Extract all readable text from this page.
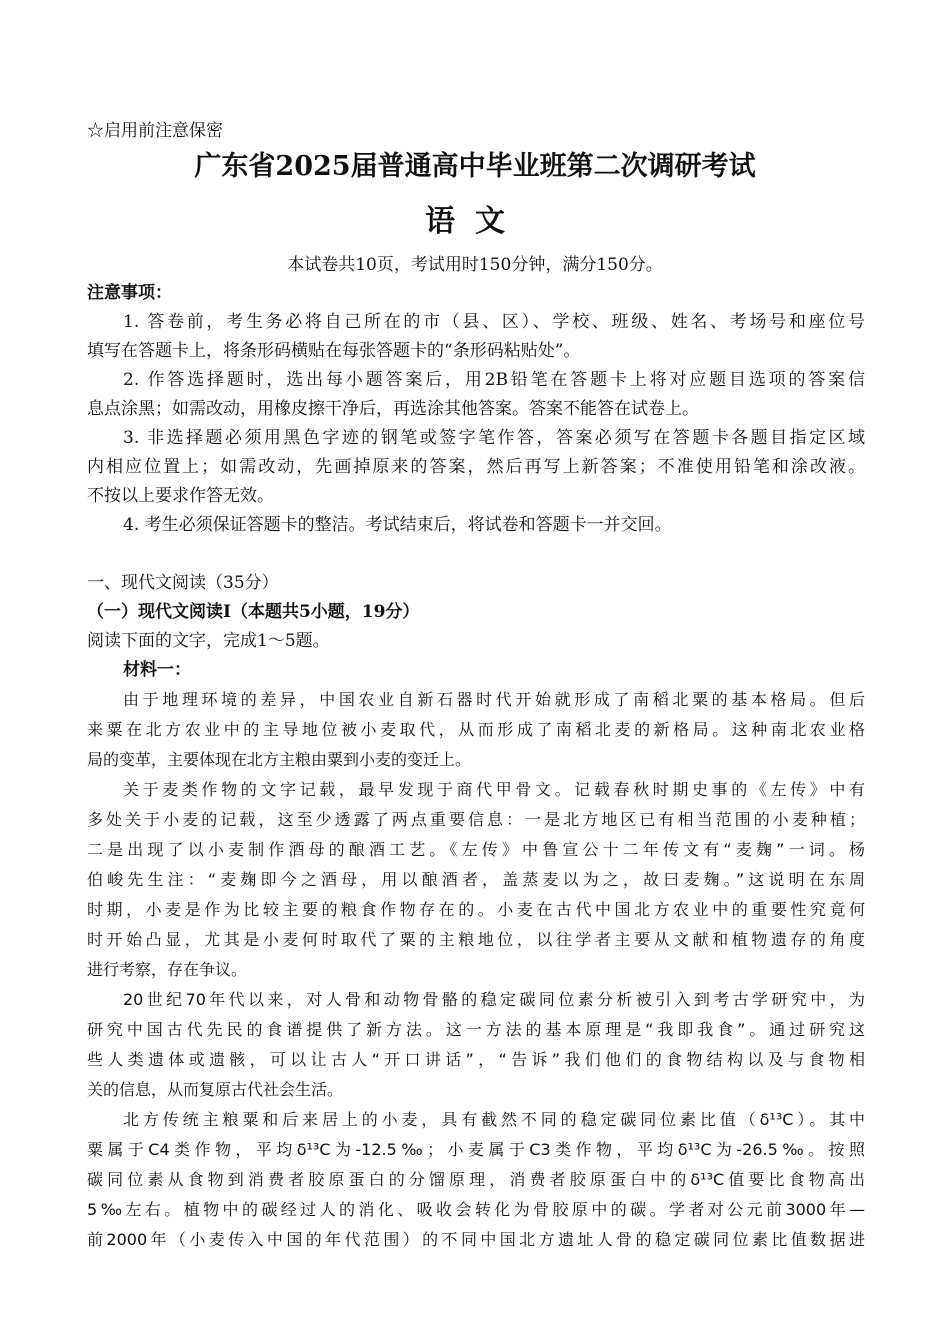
☆启用前注意保密
广东省2025届普通高中毕业班第二次调研考试
语文
本试卷共10页，考试用时150分钟，满分150分。
注意事项：
1. 答卷前，考生务必将自己所在的市（县、区）、学校、班级、姓名、考场号和座位号
填写在答题卡上，将条形码横贴在每张答题卡的“条形码粘贴处”。
2. 作答选择题时，选出每小题答案后，用2B铅笔在答题卡上将对应题目选项的答案信
息点涂黑；如需改动，用橡皮擦干净后，再选涂其他答案。答案不能答在试卷上。
3. 非选择题必须用黑色字迹的钢笔或签字笔作答，答案必须写在答题卡各题目指定区域
内相应位置上；如需改动，先画掉原来的答案，然后再写上新答案；不准使用铅笔和涂改液。
不按以上要求作答无效。
4. 考生必须保证答题卡的整洁。考试结束后，将试卷和答题卡一并交回。
一、现代文阅读（35分）
（一）现代文阅读Ⅰ（本题共5小题，19分）
阅读下面的文字，完成1～5题。
材料一：
由于地理环境的差异，中国农业自新石器时代开始就形成了南稻北粟的基本格局。但后
来粟在北方农业中的主导地位被小麦取代，从而形成了南稻北麦的新格局。这种南北农业格
局的变革，主要体现在北方主粮由粟到小麦的变迁上。
关于麦类作物的文字记载，最早发现于商代甲骨文。记载春秋时期史事的《左传》中有
多处关于小麦的记载，这至少透露了两点重要信息：一是北方地区已有相当范围的小麦种植；
二是出现了以小麦制作酒母的酿酒工艺。《左传》中鲁宣公十二年传文有“麦麹”一词。杨
伯峻先生注：“麦麹即今之酒母，用以酿酒者，盖蒸麦以为之，故曰麦麹。”这说明在东周
时期，小麦是作为比较主要的粮食作物存在的。小麦在古代中国北方农业中的重要性究竟何
时开始凸显，尤其是小麦何时取代了粟的主粮地位，以往学者主要从文献和植物遗存的角度
进行考察，存在争议。
20世纪70年代以来，对人骨和动物骨骼的稳定碳同位素分析被引入到考古学研究中，为
研究中国古代先民的食谱提供了新方法。这一方法的基本原理是“我即我食”。通过研究这
些人类遗体或遗骸，可以让古人“开口讲话”，“告诉”我们他们的食物结构以及与食物相
关的信息，从而复原古代社会生活。
北方传统主粮粟和后来居上的小麦，具有截然不同的稳定碳同位素比值（δ¹³C）。其中
粟属于C4类作物，平均δ¹³C为-12.5‰；小麦属于C3类作物，平均δ¹³C为-26.5‰。按照
碳同位素从食物到消费者胶原蛋白的分馏原理，消费者胶原蛋白中的δ¹³C值要比食物高出
5‰左右。植物中的碳经过人的消化、吸收会转化为骨胶原中的碳。学者对公元前3000年—
前2000年（小麦传入中国的年代范围）的不同中国北方遗址人骨的稳定碳同位素比值数据进
